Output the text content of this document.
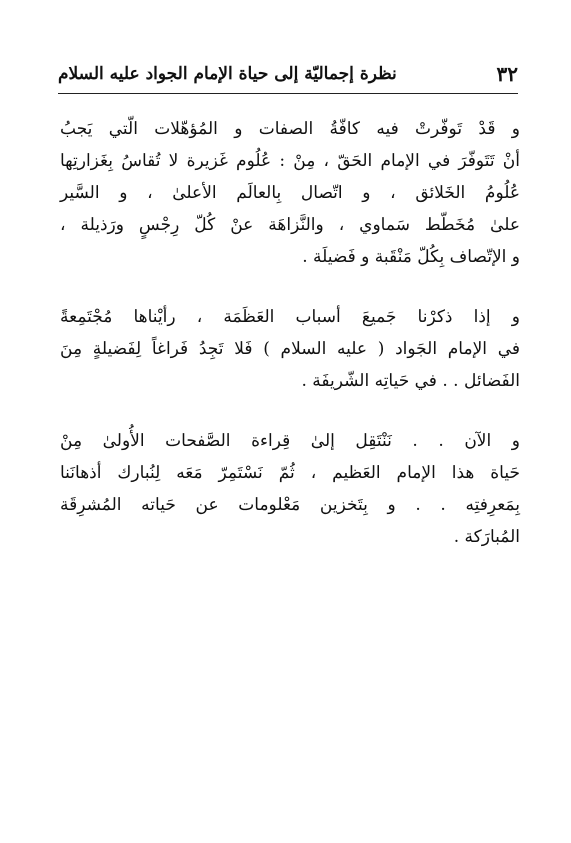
٣٢
نظرة إجماليّة إلى حياة الإمام الجواد عليه السلام
و قَدْ تَوفّرتْ فيه كافّةُ الصفات و المُؤهّلات الّتي يَجبُ
أنْ تَتَوفّرَ في الإمام الحَقّ ، مِنْ : عُلُوم غَزيرة لا تُقاسُ بِغَزارتِها
عُلُومُ الخَلائق ، و اتّصال بِالعالَم الأعلىٰ ، و السَّير
علىٰ مُخَطّط سَماوي ، والنَّزاهَة عنْ كُلّ رِجْسٍ ورَذيلة ،
و الإتّصاف بِكُلّ مَنْقَبة و فَضيلَة .
و إذا ذكرْنا جَميعَ أسباب العَظَمَة ، رأيْناها مُجْتَمِعةً
في الإمام الجَواد ( عليه السلام ) فَلا تَجِدُ فَراغاً لِفَضيلةٍ مِنَ
الفَضائل . . في حَياتِه الشّريفَة .
و الآن . . نَنْتَقِل إلىٰ قِراءة الصَّفحات الأُولىٰ مِنْ
حَياة هذا الإمام العَظيم ، ثُمّ نَسْتَمِرّ مَعَه لِنُبارك أذهانَنا
بِمَعرِفتِه . . و بِتَخزين مَعْلومات عن حَياته المُشرِقَة
المُبارَكة .
